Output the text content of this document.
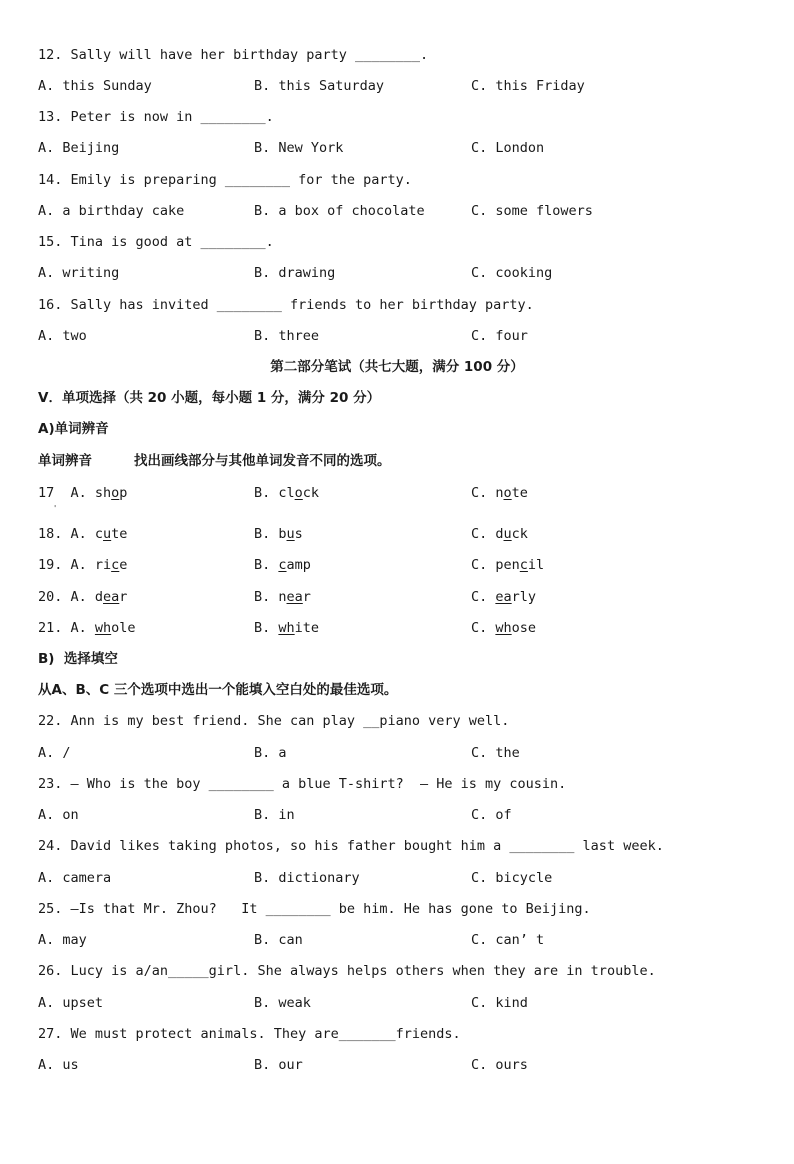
12. Sally will have her birthday party ________.

A. this Sunday

	B. this Saturday

	C. this Friday

13. Peter is now in ________.

A. Beijing

	B. New York

	C. London

14. Emily is preparing ________ for the party.

A. a birthday cake

	B. a box of chocolate

	C. some flowers

15. Tina is good at ________.

A. writing

	B. drawing

	C. cooking

16. Sally has invited ________ friends to her birthday party.

A. two

	B. three

	C. four

第二部分笔试（共七大题，满分 100 分）
V．单项选择（共 20 小题，每小题 1 分，满分 20 分）
A)单词辨音

单词辨音

	找出画线部分与其他单词发音不同的选项。

17  A. shop

	B. clock

	C. note

'

18. A. cute

	B. bus

	C. duck

19. A. rice

	B. camp

	C. pencil

20. A. dear

	B. near

	C. early

21. A. whole

	B. white

	C. whose

B)  选择填空
从A、B、C 三个选项中选出一个能填入空白处的最佳选项。
22. Ann is my best friend. She can play __piano very well.

A. /

	B. a

	C. the

23. — Who is the boy ________ a blue T-shirt?  — He is my cousin.

A. on

	B. in

	C. of

24. David likes taking photos, so his father bought him a ________ last week.

A. camera

	B. dictionary

	C. bicycle

25. —Is that Mr. Zhou?   It ________ be him. He has gone to Beijing.

A. may

	B. can

	C. can’ t

26. Lucy is a/an_____girl. She always helps others when they are in trouble.

A. upset

	B. weak

	C. kind

27. We must protect animals. They are_______friends.

A. us

	B. our

	C. ours
